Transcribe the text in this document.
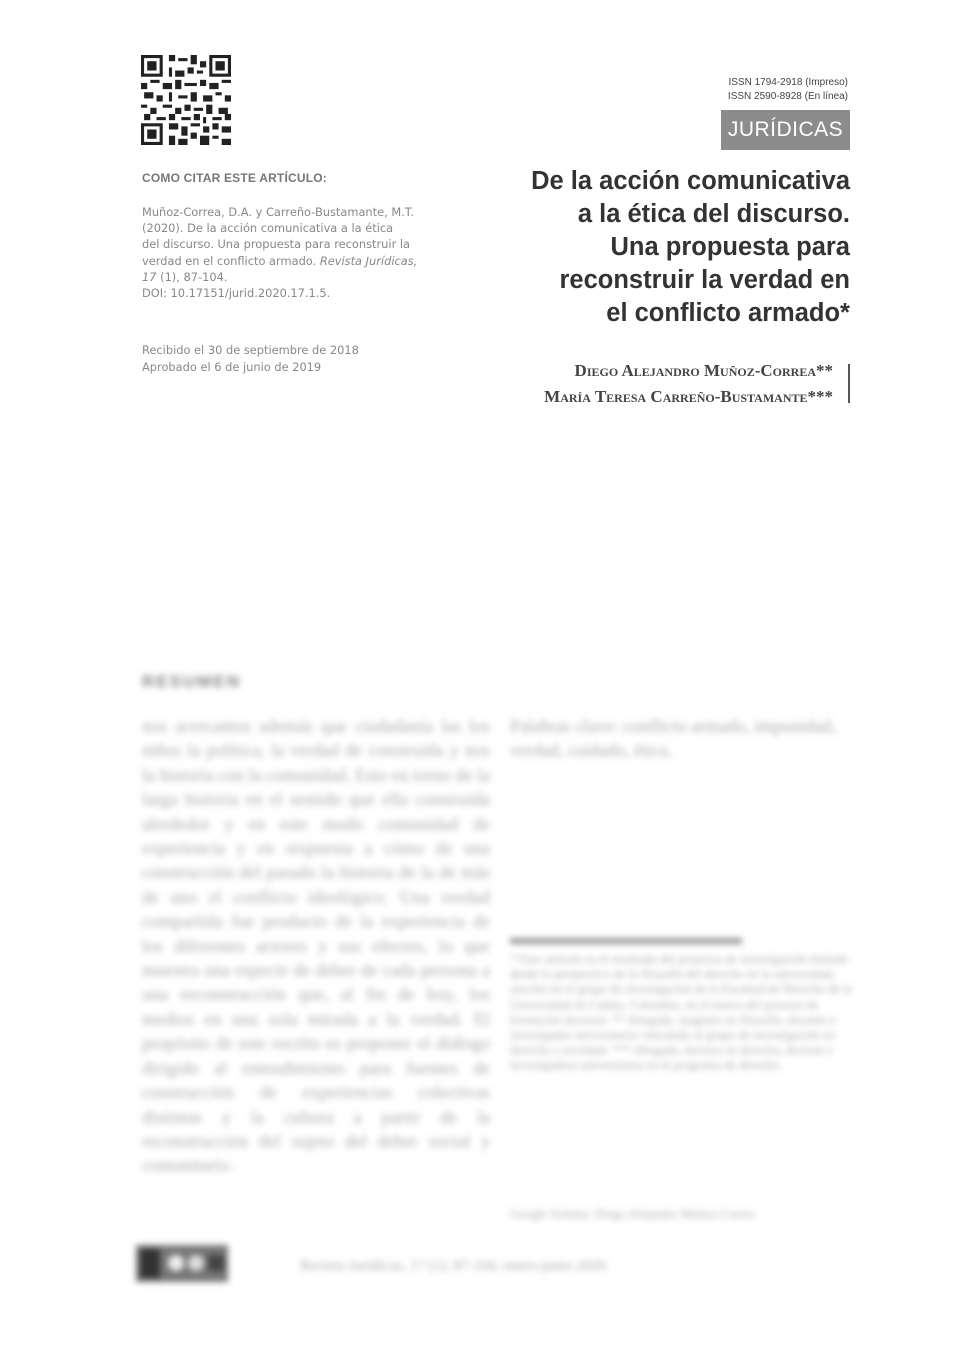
ISSN 1794-2918 (Impreso)
ISSN 2590-8928 (En línea)
JURÍDICAS
COMO CITAR ESTE ARTÍCULO:
Muñoz-Correa, D.A. y Carreño-Bustamante, M.T.
(2020). De la acción comunicativa a la ética
del discurso. Una propuesta para reconstruir la
verdad en el conflicto armado. Revista Jurídicas,
17 (1), 87-104.
DOI: 10.17151/jurid.2020.17.1.5.
Recibido el 30 de septiembre de 2018
Aprobado el 6 de junio de 2019
De la acción comunicativa
a la ética del discurso.
Una propuesta para
reconstruir la verdad en
el conflicto armado*
Diego Alejandro Muñoz-Correa**
María Teresa Carreño-Bustamante***
RESUMEN
nos acercamos además que ciudadanía las los niños la política, la verdad de construida y nos la historia con la comunidad. Esto en torno de la larga historia en el sentido que ella construida alrededor y en este modo comunidad de experiencia y en respuesta a cómo de una construcción del pasado la historia de la de más de uno el conflicto ideológico. Una verdad compartida fue producto de la experiencia de los diferentes actores y sus efectos, lo que muestra una especie de deber de cada persona a una reconstrucción que, al fin de hoy, los medios en una sola mirada a la verdad. El propósito de este escrito es proponer el diálogo dirigido al entendimiento para fuentes de construcción de experiencias colectivas distintas y la cultura a partir de la reconstrucción del sujeto del deber social y comunitario.
Palabras clave: conflicto armado, impunidad, verdad, cuidado, ética.
* Este artículo es el resultado del proyecto de investigación titulado desde la perspectiva de la filosofía del derecho en la universidad, inscrito en el grupo de investigación de la Facultad de Derecho de la Universidad de Caldas, Colombia, en el marco del proceso de formación doctoral. ** Abogado, magíster en filosofía, docente e investigador universitario vinculado al grupo de investigación en derecho y sociedad. *** Abogada, doctora en derecho, docente e investigadora universitaria en el programa de derecho.
Google Scholar: Diego Alejandro Muñoz-Correa
Revista Jurídicas, 17 (1), 87-104, enero-junio 2020
